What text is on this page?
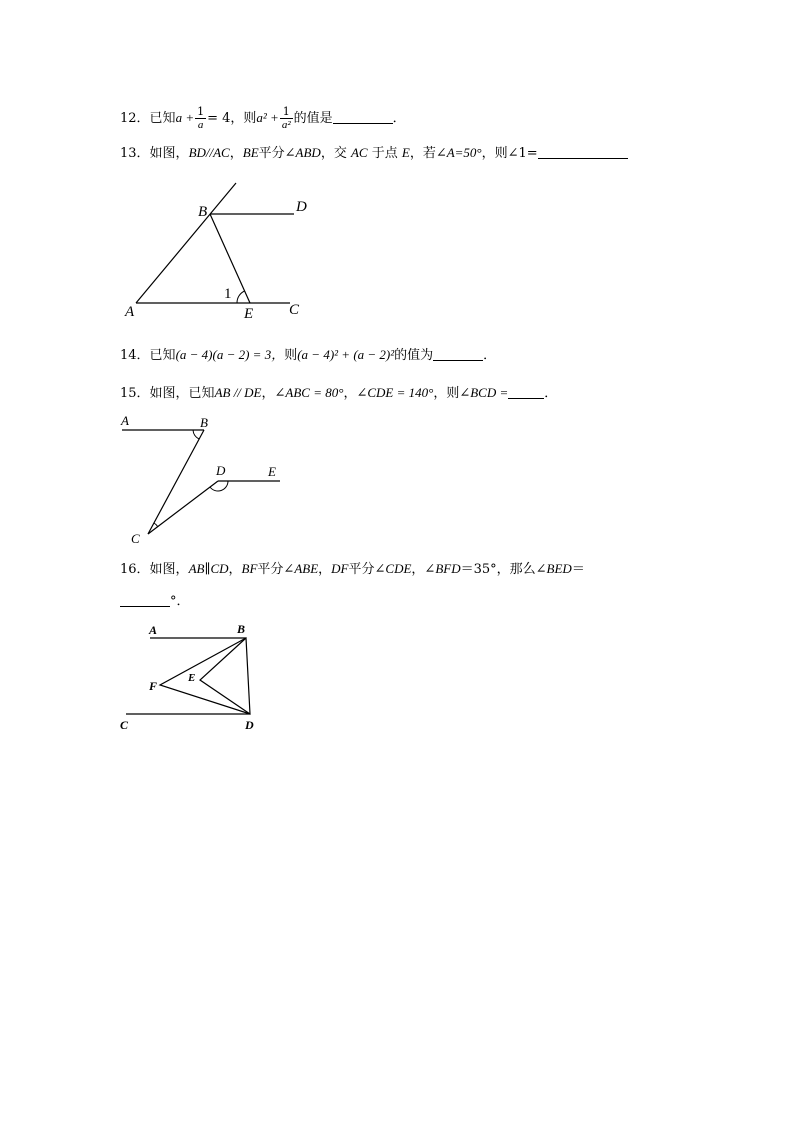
12．已知$a + \frac{1}{a} = 4$，则$a^2 + \frac{1}{\text{a²}}$ 的值是	．
13．如图，BD//AC，BE平分∠ABD，交 AC 于点 E，若∠A=50°，则∠1=
B	D
A	E C
1
14．已知(a − 4)(a − 2) = 3，则(a − 4)² + (a − 2)²的值为	．
15．如图，已知AB // DE，∠ABC = 80°，∠CDE = 140°，则∠BCD =	．
A	B
D	E
C
16．如图，AB∥CD，BF平分∠ABE，DF平分∠CDE，∠BFD＝35°，那么∠BED＝
°．
A	B
F
E
C	D
